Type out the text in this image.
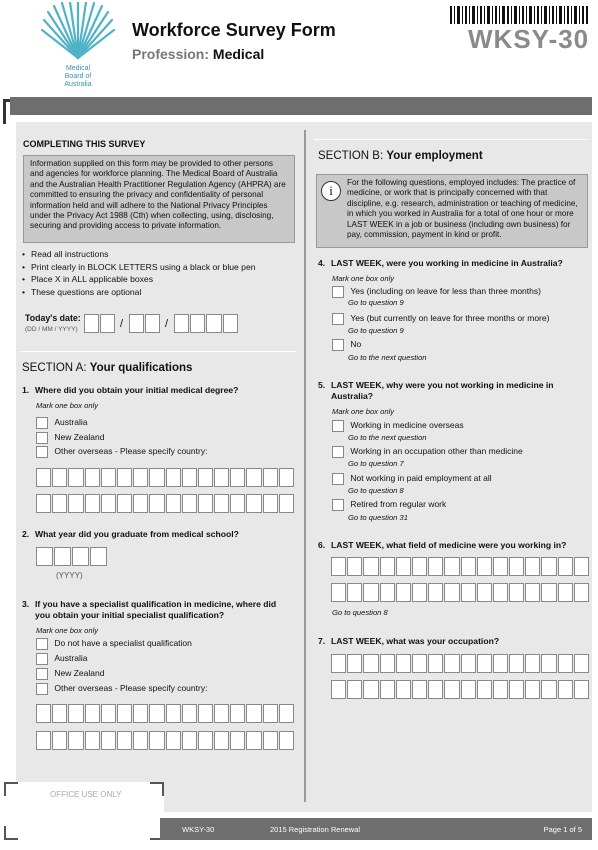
Medical
Board of
Australia
Workforce Survey Form
Profession: Medical	WKSY-30
COMPLETING THIS SURVEY
Information supplied on this form may be provided to other persons and agencies for workforce planning. The Medical Board of Australia and the Australian Health Practitioner Regulation Agency (AHPRA) are committed to ensuring the privacy and confidentiality of personal information held and will adhere to the National Privacy Principles under the Privacy Act 1988 (Cth) when collecting, using, disclosing, securing and providing access to private information.
• Read all instructions
• Print clearly in BLOCK LETTERS using a black or blue pen
• Place X in ALL applicable boxes
• These questions are optional
Today's date:
(DD / MM / YYYY)	/	/
SECTION A: Your qualifications
1. Where did you obtain your initial medical degree?
Mark one box only
Australia
New Zealand
Other overseas - Please specify country:
2. What year did you graduate from medical school?
(YYYY)
3. If you have a specialist qualification in medicine, where did you obtain your initial specialist qualification?
Mark one box only
Do not have a specialist qualification
Australia
New Zealand
Other overseas - Please specify country:
SECTION B: Your employment
i
For the following questions, employed includes: The practice of medicine, or work that is principally concerned with that discipline, e.g. research, administration or teaching of medicine, in which you worked in Australia for a total of one hour or more LAST WEEK in a job or business (including own business) for pay, commission, payment in kind or profit.
4. LAST WEEK, were you working in medicine in Australia?
Mark one box only
Yes (including on leave for less than three months)
Go to question 9
Yes (but currently on leave for three months or more)
Go to question 9
No
Go to the next question
5. LAST WEEK, why were you not working in medicine in Australia?
Mark one box only
Working in medicine overseas
Go to the next question
Working in an occupation other than medicine
Go to question 7
Not working in paid employment at all
Go to question 8
Retired from regular work
Go to question 31
6. LAST WEEK, what field of medicine were you working in?
Go to question 8
7. LAST WEEK, what was your occupation?
OFFICE USE ONLY
WKSY-30	2015 Registration Renewal	Page 1 of 5
